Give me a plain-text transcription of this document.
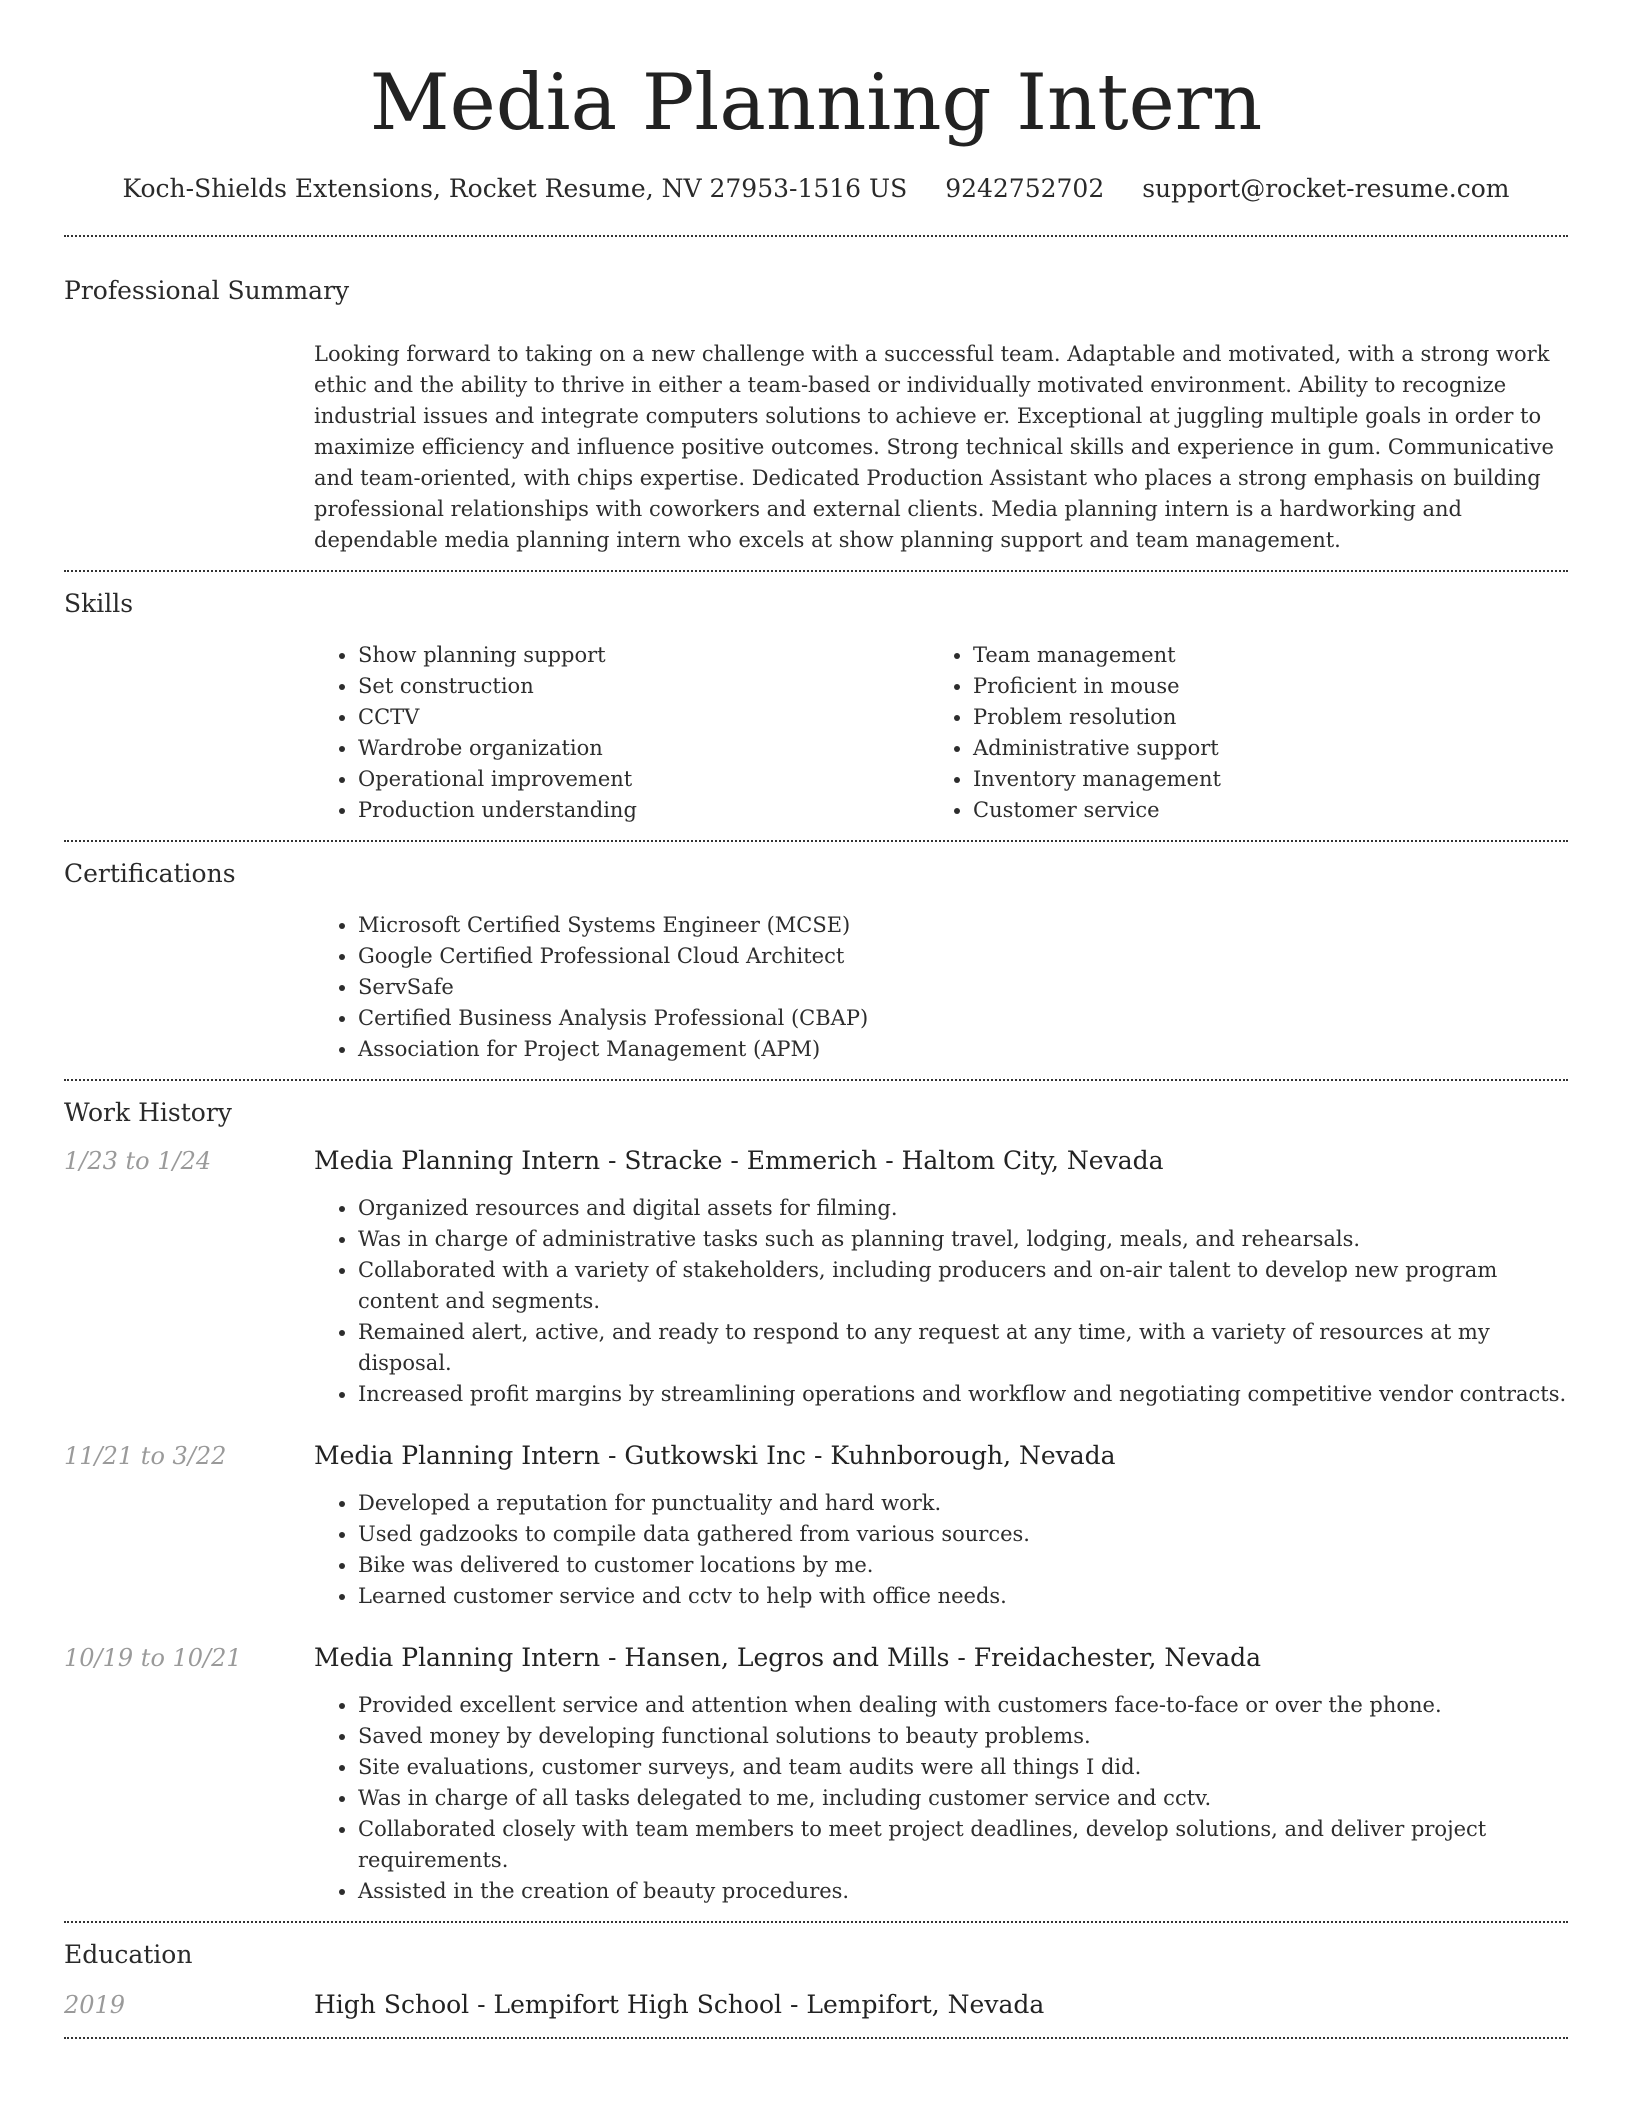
Media Planning Intern
Koch-Shields Extensions, Rocket Resume, NV 27953-1516 US 9242752702 support@rocket-resume.com
Professional Summary

Looking forward to taking on a new challenge with a successful team. Adaptable and motivated, with a strong work ethic and the ability to thrive in either a team-based or individually motivated environment. Ability to recognize industrial issues and integrate computers solutions to achieve er. Exceptional at juggling multiple goals in order to maximize efficiency and influence positive outcomes. Strong technical skills and experience in gum. Communicative and team-oriented, with chips expertise. Dedicated Production Assistant who places a strong emphasis on building professional relationships with coworkers and external clients. Media planning intern is a hardworking and dependable media planning intern who excels at show planning support and team management.

Skills
• Show planning support
• Set construction
• CCTV
• Wardrobe organization
• Operational improvement
• Production understanding
• Team management
• Proficient in mouse
• Problem resolution
• Administrative support
• Inventory management
• Customer service
Certifications
• Microsoft Certified Systems Engineer (MCSE)
• Google Certified Professional Cloud Architect
• ServSafe
• Certified Business Analysis Professional (CBAP)
• Association for Project Management (APM)
Work History
1/23 to 1/24	Media Planning Intern - Stracke - Emmerich - Haltom City, Nevada
• Organized resources and digital assets for filming.
• Was in charge of administrative tasks such as planning travel, lodging, meals, and rehearsals.
• Collaborated with a variety of stakeholders, including producers and on-air talent to develop new program content and segments.
• Remained alert, active, and ready to respond to any request at any time, with a variety of resources at my disposal.
• Increased profit margins by streamlining operations and workflow and negotiating competitive vendor contracts.
11/21 to 3/22	Media Planning Intern - Gutkowski Inc - Kuhnborough, Nevada
• Developed a reputation for punctuality and hard work.
• Used gadzooks to compile data gathered from various sources.
• Bike was delivered to customer locations by me.
• Learned customer service and cctv to help with office needs.
10/19 to 10/21	Media Planning Intern - Hansen, Legros and Mills - Freidachester, Nevada
• Provided excellent service and attention when dealing with customers face-to-face or over the phone.
• Saved money by developing functional solutions to beauty problems.
• Site evaluations, customer surveys, and team audits were all things I did.
• Was in charge of all tasks delegated to me, including customer service and cctv.
• Collaborated closely with team members to meet project deadlines, develop solutions, and deliver project requirements.
• Assisted in the creation of beauty procedures.
Education
2019	High School - Lempifort High School - Lempifort, Nevada
